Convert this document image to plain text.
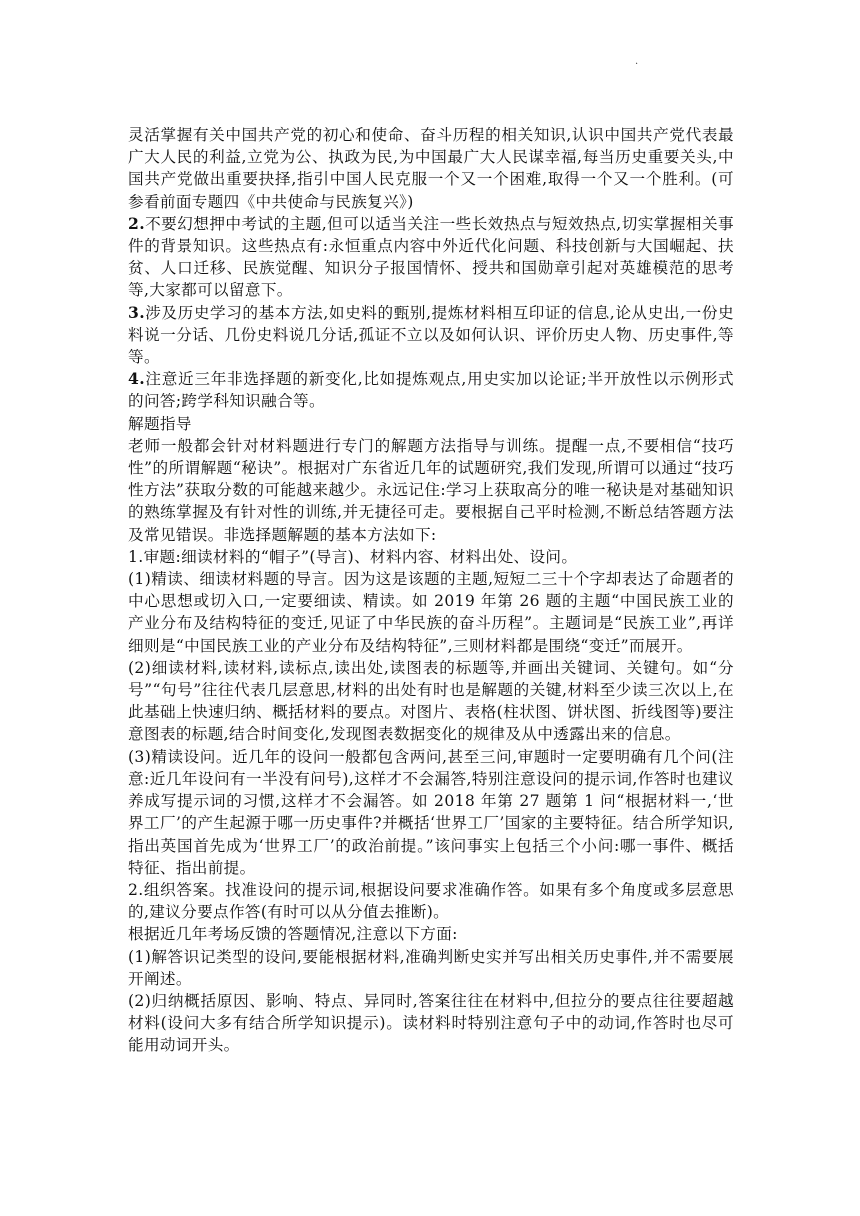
.

灵活掌握有关中国共产党的初心和使命、奋斗历程的相关知识,认识中国共产党代表最广大人民的利益,立党为公、执政为民,为中国最广大人民谋幸福,每当历史重要关头,中国共产党做出重要抉择,指引中国人民克服一个又一个困难,取得一个又一个胜利。(可参看前面专题四《中共使命与民族复兴》)

2.不要幻想押中考试的主题,但可以适当关注一些长效热点与短效热点,切实掌握相关事件的背景知识。这些热点有:永恒重点内容中外近代化问题、科技创新与大国崛起、扶贫、人口迁移、民族觉醒、知识分子报国情怀、授共和国勋章引起对英雄模范的思考等,大家都可以留意下。

3.涉及历史学习的基本方法,如史料的甄别,提炼材料相互印证的信息,论从史出,一份史料说一分话、几份史料说几分话,孤证不立以及如何认识、评价历史人物、历史事件,等等。

4.注意近三年非选择题的新变化,比如提炼观点,用史实加以论证;半开放性以示例形式的问答;跨学科知识融合等。

解题指导

老师一般都会针对材料题进行专门的解题方法指导与训练。提醒一点,不要相信“技巧性”的所谓解题“秘诀”。根据对广东省近几年的试题研究,我们发现,所谓可以通过“技巧性方法”获取分数的可能越来越少。永远记住:学习上获取高分的唯一秘诀是对基础知识的熟练掌握及有针对性的训练,并无捷径可走。要根据自己平时检测,不断总结答题方法及常见错误。非选择题解题的基本方法如下:

1.审题:细读材料的“帽子”(导言)、材料内容、材料出处、设问。

(1)精读、细读材料题的导言。因为这是该题的主题,短短二三十个字却表达了命题者的中心思想或切入口,一定要细读、精读。如 2019 年第 26 题的主题“中国民族工业的产业分布及结构特征的变迁,见证了中华民族的奋斗历程”。主题词是“民族工业”,再详细则是“中国民族工业的产业分布及结构特征”,三则材料都是围绕“变迁”而展开。

(2)细读材料,读材料,读标点,读出处,读图表的标题等,并画出关键词、关键句。如“分号”“句号”往往代表几层意思,材料的出处有时也是解题的关键,材料至少读三次以上,在此基础上快速归纳、概括材料的要点。对图片、表格(柱状图、饼状图、折线图等)要注意图表的标题,结合时间变化,发现图表数据变化的规律及从中透露出来的信息。

(3)精读设问。近几年的设问一般都包含两问,甚至三问,审题时一定要明确有几个问(注意:近几年设问有一半没有问号),这样才不会漏答,特别注意设问的提示词,作答时也建议养成写提示词的习惯,这样才不会漏答。如 2018 年第 27 题第 1 问“根据材料一,‘世界工厂’的产生起源于哪一历史事件?并概括‘世界工厂’国家的主要特征。结合所学知识,指出英国首先成为‘世界工厂’的政治前提。”该问事实上包括三个小问:哪一事件、概括特征、指出前提。

2.组织答案。找准设问的提示词,根据设问要求准确作答。如果有多个角度或多层意思的,建议分要点作答(有时可以从分值去推断)。

根据近几年考场反馈的答题情况,注意以下方面:

(1)解答识记类型的设问,要能根据材料,准确判断史实并写出相关历史事件,并不需要展开阐述。

(2)归纳概括原因、影响、特点、异同时,答案往往在材料中,但拉分的要点往往要超越材料(设问大多有结合所学知识提示)。读材料时特别注意句子中的动词,作答时也尽可能用动词开头。
